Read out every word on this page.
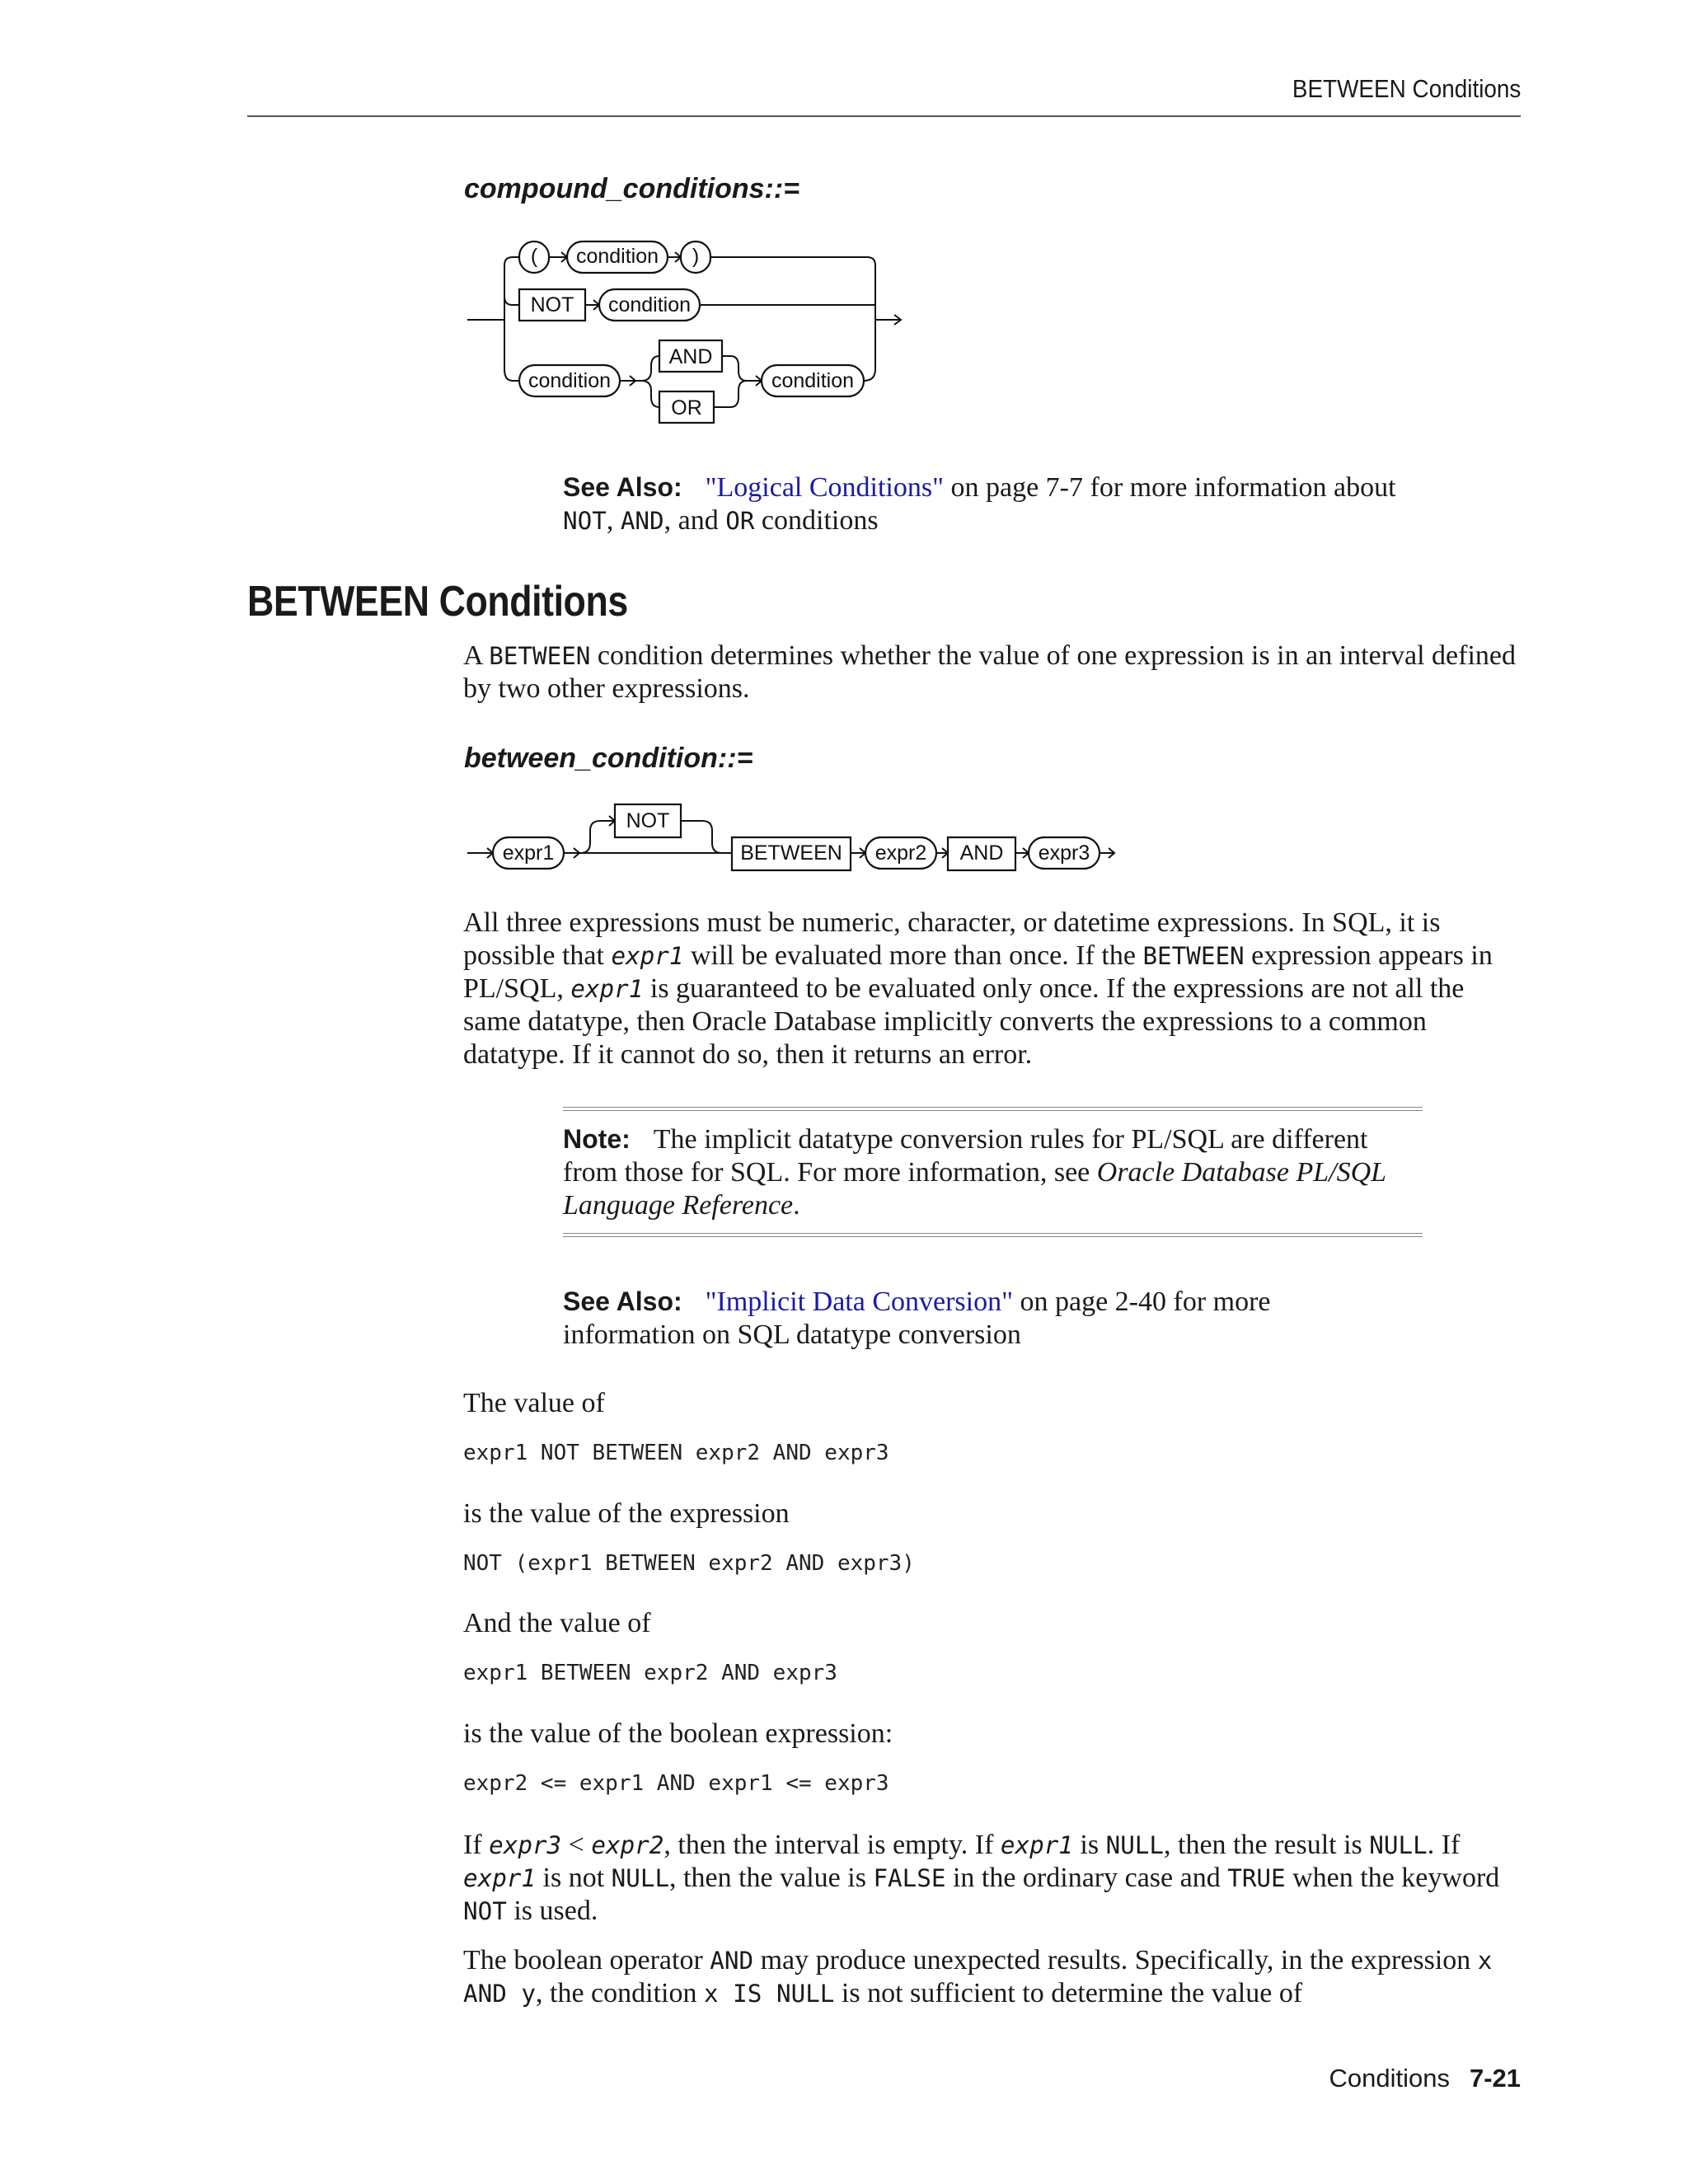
BETWEEN Conditions
compound_conditions::=
( condition )
NOT condition
condition
AND
OR
condition
See Also: "Logical Conditions" on page 7-7 for more information about NOT, AND, and OR conditions
BETWEEN Conditions
A BETWEEN condition determines whether the value of one expression is in an interval defined by two other expressions.
between_condition::=
expr1
NOT
BETWEEN expr2 AND expr3
All three expressions must be numeric, character, or datetime expressions. In SQL, it is possible that expr1 will be evaluated more than once. If the BETWEEN expression appears in PL/SQL, expr1 is guaranteed to be evaluated only once. If the expressions are not all the same datatype, then Oracle Database implicitly converts the expressions to a common datatype. If it cannot do so, then it returns an error.
Note: The implicit datatype conversion rules for PL/SQL are different from those for SQL. For more information, see Oracle Database PL/SQL Language Reference.
See Also: "Implicit Data Conversion" on page 2-40 for more information on SQL datatype conversion
The value of
expr1 NOT BETWEEN expr2 AND expr3
is the value of the expression
NOT (expr1 BETWEEN expr2 AND expr3)
And the value of
expr1 BETWEEN expr2 AND expr3
is the value of the boolean expression:
expr2 <= expr1 AND expr1 <= expr3
If expr3 < expr2, then the interval is empty. If expr1 is NULL, then the result is NULL. If expr1 is not NULL, then the value is FALSE in the ordinary case and TRUE when the keyword NOT is used.
The boolean operator AND may produce unexpected results. Specifically, in the expression x AND y, the condition x IS NULL is not sufficient to determine the value of
Conditions 7-21
